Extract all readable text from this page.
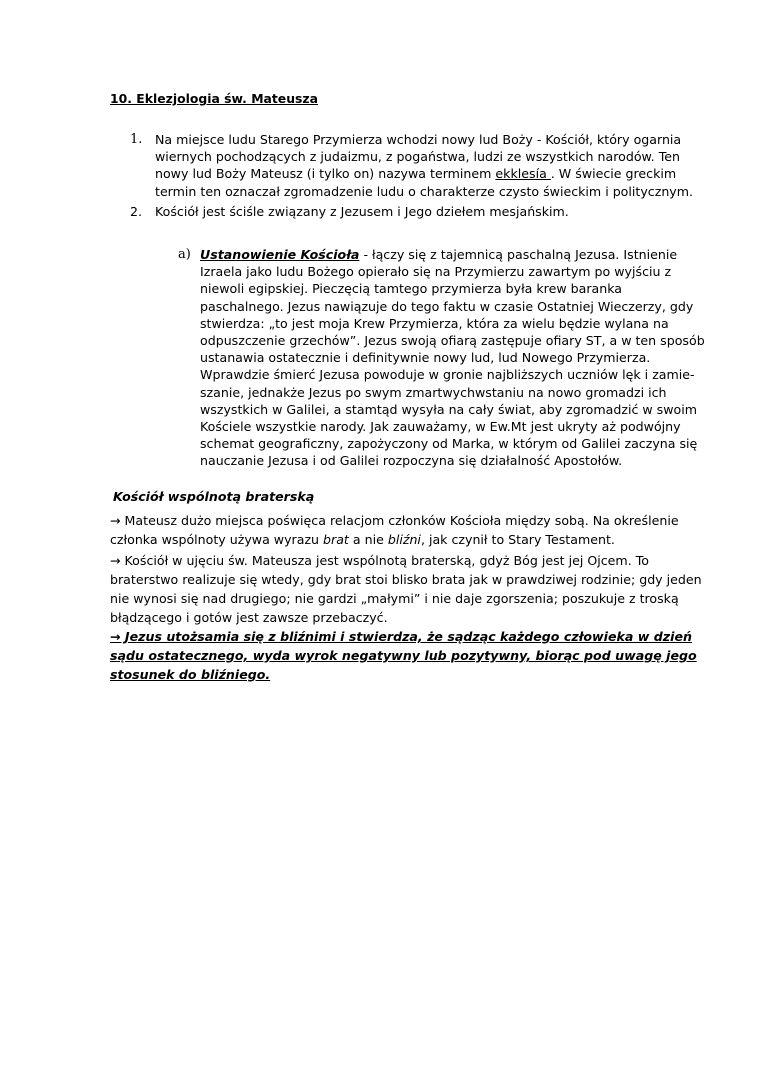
10. Eklezjologia św. Mateusza
1. Na miejsce ludu Starego Przymierza wchodzi nowy lud Boży - Kościół, który ogarnia
wiernych pochodzących z judaizmu, z pogaństwa, ludzi ze wszystkich narodów. Ten
nowy lud Boży Mateusz (i tylko on) nazywa terminem ekklesía . W świecie greckim
termin ten oznaczał zgromadzenie ludu o charakterze czysto świeckim i politycznym.
2. Kościół jest ściśle związany z Jezusem i Jego dziełem mesjańskim.
a) Ustanowienie Kościoła - łączy się z tajemnicą paschalną Jezusa. Istnienie
Izraela jako ludu Bożego opierało się na Przymierzu zawartym po wyjściu z
niewoli egipskiej. Pieczęcią tamtego przymierza była krew baranka
paschalnego. Jezus nawiązuje do tego faktu w czasie Ostatniej Wieczerzy, gdy
stwierdza: „to jest moja Krew Przymierza, która za wielu będzie wylana na
odpuszczenie grzechów”. Jezus swoją ofiarą zastępuje ofiary ST, a w ten sposób
ustanawia ostatecznie i definitywnie nowy lud, lud Nowego Przymierza.
Wprawdzie śmierć Jezusa powoduje w gronie najbliższych uczniów lęk i zamie-
szanie, jednakże Jezus po swym zmartwychwstaniu na nowo gromadzi ich
wszystkich w Galilei, a stamtąd wysyła na cały świat, aby zgromadzić w swoim
Kościele wszystkie narody. Jak zauważamy, w Ew.Mt jest ukryty aż podwójny
schemat geograficzny, zapożyczony od Marka, w którym od Galilei zaczyna się
nauczanie Jezusa i od Galilei rozpoczyna się działalność Apostołów.
Kościół wspólnotą braterską
→ Mateusz dużo miejsca poświęca relacjom członków Kościoła między sobą. Na określenie
członka wspólnoty używa wyrazu brat a nie bliźni, jak czynił to Stary Testament.
→ Kościół w ujęciu św. Mateusza jest wspólnotą braterską, gdyż Bóg jest jej Ojcem. To
braterstwo realizuje się wtedy, gdy brat stoi blisko brata jak w prawdziwej rodzinie; gdy jeden
nie wynosi się nad drugiego; nie gardzi „małymi” i nie daje zgorszenia; poszukuje z troską
błądzącego i gotów jest zawsze przebaczyć.
→ Jezus utożsamia się z bliźnimi i stwierdza, że sądząc każdego człowieka w dzień
sądu ostatecznego, wyda wyrok negatywny lub pozytywny, biorąc pod uwagę jego
stosunek do bliźniego.
